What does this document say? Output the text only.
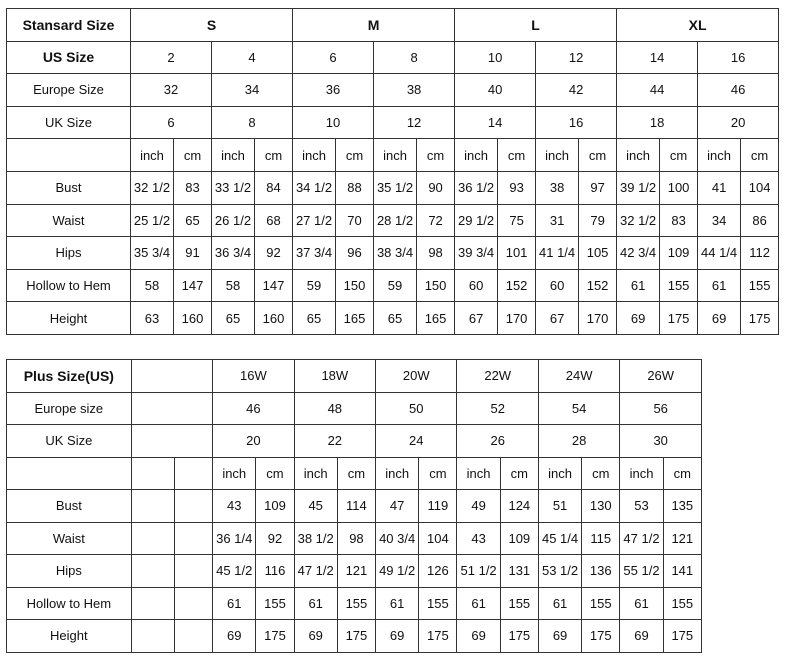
Stansard Size	S				M				L				XL			
US Size	2		4		6		8		10		12		14		16	
Europe Size	32		34		36		38		40		42		44		46	
UK Size	6		8		10		12		14		16		18		20	
	inch	cm	inch	cm	inch	cm	inch	cm	inch	cm	inch	cm	inch	cm	inch	cm
Bust	32 1/2	83	33 1/2	84	34 1/2	88	35 1/2	90	36 1/2	93	38	97	39 1/2	100	41	104
Waist	25 1/2	65	26 1/2	68	27 1/2	70	28 1/2	72	29 1/2	75	31	79	32 1/2	83	34	86
Hips	35 3/4	91	36 3/4	92	37 3/4	96	38 3/4	98	39 3/4	101	41 1/4	105	42 3/4	109	44 1/4	112
Hollow to Hem	58	147	58	147	59	150	59	150	60	152	60	152	61	155	61	155
Height	63	160	65	160	65	165	65	165	67	170	67	170	69	175	69	175
Plus Size(US)			16W		18W		20W		22W		24W		26W	
Europe size			46		48		50		52		54		56	
UK Size			20		22		24		26		28		30	
			inch	cm	inch	cm	inch	cm	inch	cm	inch	cm	inch	cm
Bust			43	109	45	114	47	119	49	124	51	130	53	135
Waist			36 1/4	92	38 1/2	98	40 3/4	104	43	109	45 1/4	115	47 1/2	121
Hips			45 1/2	116	47 1/2	121	49 1/2	126	51 1/2	131	53 1/2	136	55 1/2	141
Hollow to Hem			61	155	61	155	61	155	61	155	61	155	61	155
Height			69	175	69	175	69	175	69	175	69	175	69	175
